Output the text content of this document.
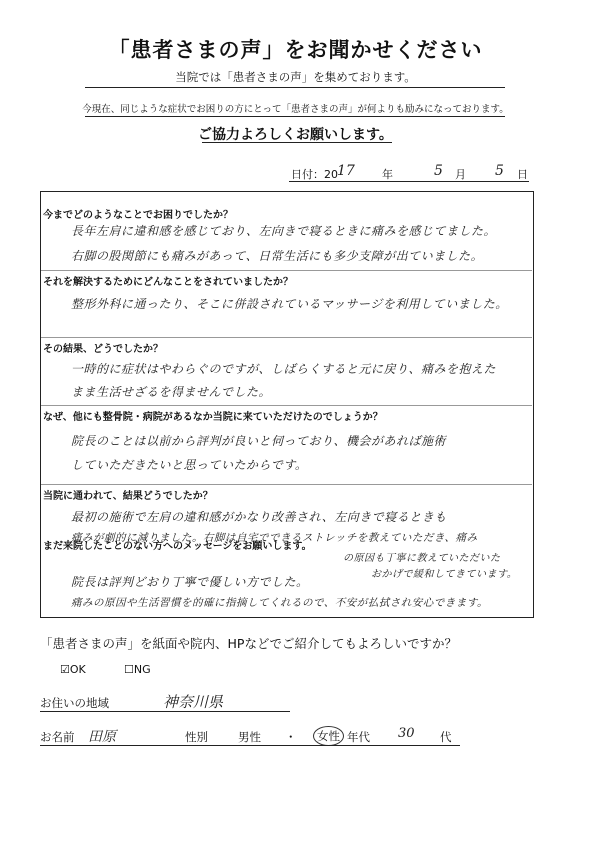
「患者さまの声」をお聞かせください
当院では「患者さまの声」を集めております。
今現在、同じような症状でお困りの方にとって「患者さまの声」が何よりも励みになっております。
ご協力よろしくお願いします。
日付：20 17 年	5 月 5 日
今までどのようなことでお困りでしたか？
長年左肩に違和感を感じており、左向きで寝るときに痛みを感じてました。
右脚の股関節にも痛みがあって、日常生活にも多少支障が出ていました。
それを解決するためにどんなことをされていましたか？
整形外科に通ったり、そこに併設されているマッサージを利用していました。
その結果、どうでしたか？
一時的に症状はやわらぐのですが、しばらくすると元に戻り、痛みを抱えた
まま生活せざるを得ませんでした。
なぜ、他にも整骨院・病院があるなか当院に来ていただけたのでしょうか？
院長のことは以前から評判が良いと伺っており、機会があれば施術
していただきたいと思っていたからです。
当院に通われて、結果どうでしたか？
最初の施術で左肩の違和感がかなり改善され、左向きで寝るときも
痛みが劇的に減りました。右脚は自宅でできるストレッチを教えていただき、痛み
まだ来院したことのない方へのメッセージをお願いします。
の原因も丁寧に教えていただいた
おかげで緩和してきています。
院長は評判どおり丁寧で優しい方でした。
痛みの原因や生活習慣を的確に指摘してくれるので、不安が払拭され安心できます。
「患者さまの声」を紙面や院内、HPなどでご紹介してもよろしいですか？
☑OK	☐NG
お住いの地域	神奈川県
お名前 田原	性別	男性 ・	女性 年代 30 代
